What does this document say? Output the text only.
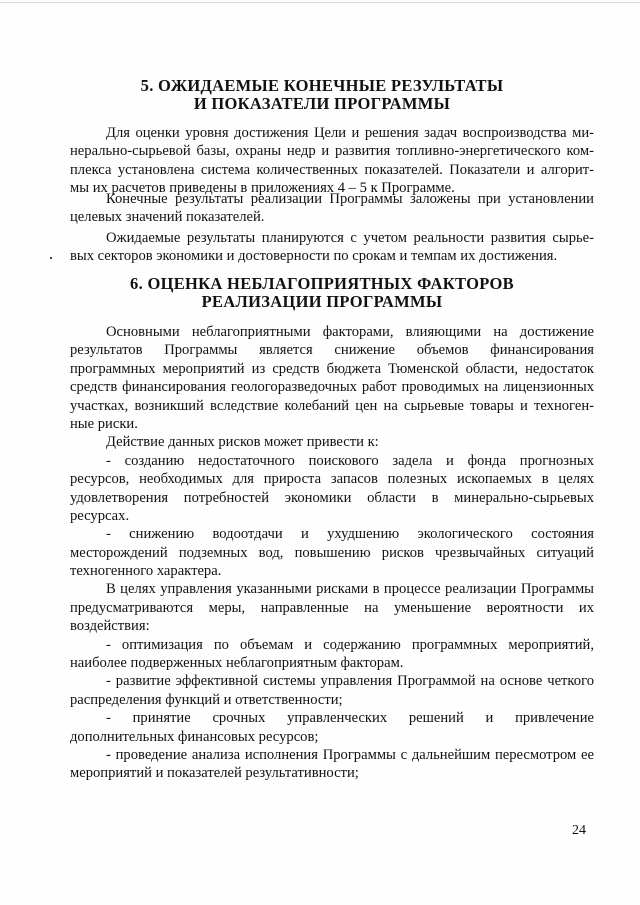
5. ОЖИДАЕМЫЕ КОНЕЧНЫЕ РЕЗУЛЬТАТЫ
И ПОКАЗАТЕЛИ ПРОГРАММЫ
Для оценки уровня достижения Цели и решения задач воспроизводства ми-
нерально-сырьевой базы, охраны недр и развития топливно-энергетического ком-
плекса установлена система количественных показателей. Показатели и алгорит-
мы их расчетов приведены в приложениях 4 – 5 к Программе.
Конечные результаты реализации Программы заложены при установлении
целевых значений показателей.
Ожидаемые результаты планируются с учетом реальности развития сырье-
вых секторов экономики и достоверности по срокам и темпам их достижения.
6. ОЦЕНКА НЕБЛАГОПРИЯТНЫХ ФАКТОРОВ
РЕАЛИЗАЦИИ ПРОГРАММЫ
Основными неблагоприятными факторами, влияющими на достижение
результатов Программы является снижение объемов финансирования
программных мероприятий из средств бюджета Тюменской области, недостаток
средств финансирования геологоразведочных работ проводимых на лицензионных
участках, возникший вследствие колебаний цен на сырьевые товары и техноген-
ные риски.
Действие данных рисков может привести к:
- созданию недостаточного поискового задела и фонда прогнозных
ресурсов, необходимых для прироста запасов полезных ископаемых в целях
удовлетворения потребностей экономики области в минерально-сырьевых
ресурсах.
- снижению водоотдачи и ухудшению экологического состояния
месторождений подземных вод, повышению рисков чрезвычайных ситуаций
техногенного характера.
В целях управления указанными рисками в процессе реализации Программы
предусматриваются меры, направленные на уменьшение вероятности их
воздействия:
- оптимизация по объемам и содержанию программных мероприятий,
наиболее подверженных неблагоприятным факторам.
- развитие эффективной системы управления Программой на основе четкого
распределения функций и ответственности;
- принятие срочных управленческих решений и привлечение
дополнительных финансовых ресурсов;
- проведение анализа исполнения Программы с дальнейшим пересмотром ее
мероприятий и показателей результативности;
24
